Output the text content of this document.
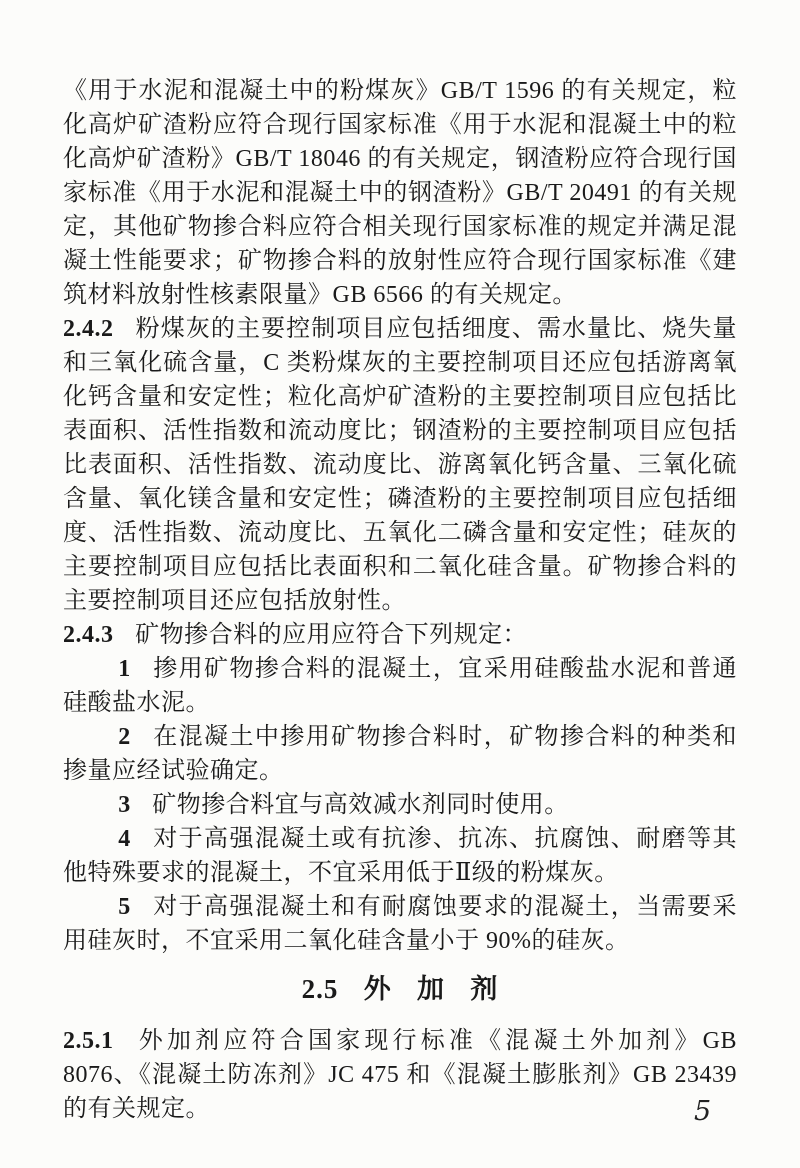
《用于水泥和混凝土中的粉煤灰》GB/T 1596 的有关规定，粒化高炉矿渣粉应符合现行国家标准《用于水泥和混凝土中的粒化高炉矿渣粉》GB/T 18046 的有关规定，钢渣粉应符合现行国家标准《用于水泥和混凝土中的钢渣粉》GB/T 20491 的有关规定，其他矿物掺合料应符合相关现行国家标准的规定并满足混凝土性能要求；矿物掺合料的放射性应符合现行国家标准《建筑材料放射性核素限量》GB 6566 的有关规定。

2.4.2 粉煤灰的主要控制项目应包括细度、需水量比、烧失量和三氧化硫含量，C 类粉煤灰的主要控制项目还应包括游离氧化钙含量和安定性；粒化高炉矿渣粉的主要控制项目应包括比表面积、活性指数和流动度比；钢渣粉的主要控制项目应包括比表面积、活性指数、流动度比、游离氧化钙含量、三氧化硫含量、氧化镁含量和安定性；磷渣粉的主要控制项目应包括细度、活性指数、流动度比、五氧化二磷含量和安定性；硅灰的主要控制项目应包括比表面积和二氧化硅含量。矿物掺合料的主要控制项目还应包括放射性。

2.4.3 矿物掺合料的应用应符合下列规定：

1 掺用矿物掺合料的混凝土，宜采用硅酸盐水泥和普通硅酸盐水泥。

2 在混凝土中掺用矿物掺合料时，矿物掺合料的种类和掺量应经试验确定。

3 矿物掺合料宜与高效减水剂同时使用。

4 对于高强混凝土或有抗渗、抗冻、抗腐蚀、耐磨等其他特殊要求的混凝土，不宜采用低于Ⅱ级的粉煤灰。

5 对于高强混凝土和有耐腐蚀要求的混凝土，当需要采用硅灰时，不宜采用二氧化硅含量小于 90%的硅灰。

2.5 外 加 剂

2.5.1 外加剂应符合国家现行标准《混凝土外加剂》GB 8076、《混凝土防冻剂》JC 475 和《混凝土膨胀剂》GB 23439 的有关规定。	5
